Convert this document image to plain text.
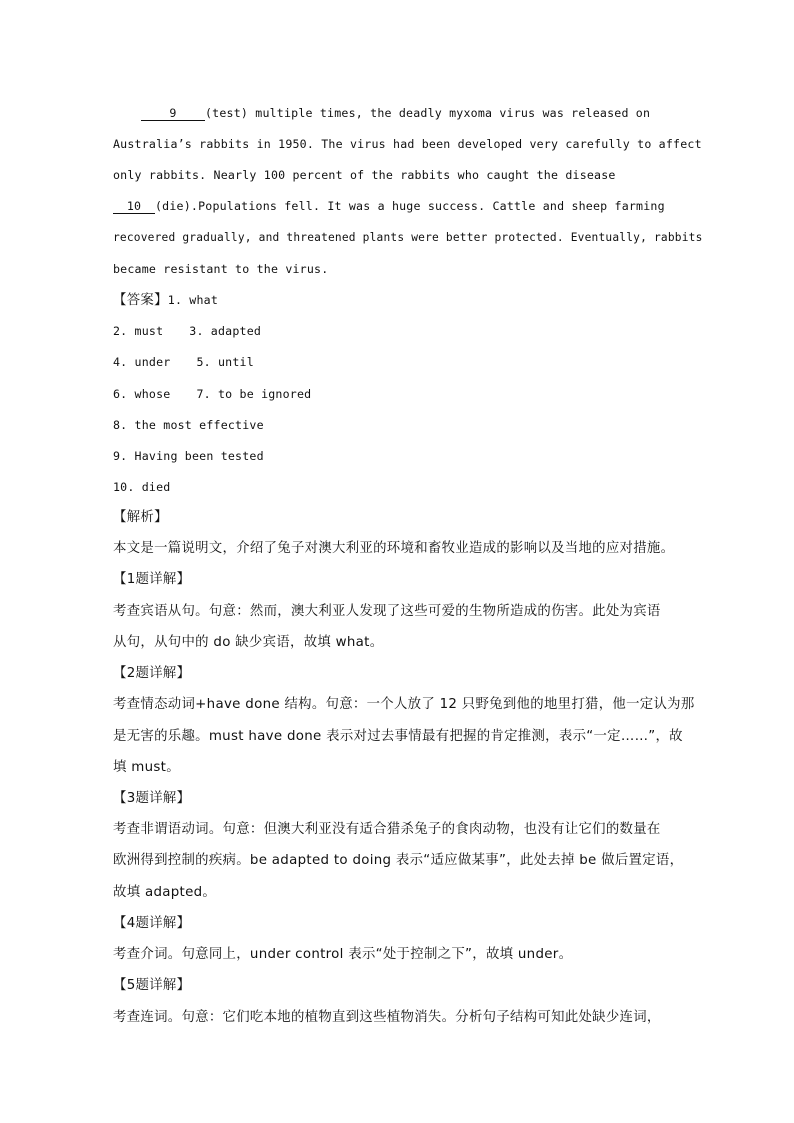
9 (test) multiple times, the deadly myxoma virus was released on
Australia’s rabbits in 1950. The virus had been developed very carefully to affect
only rabbits. Nearly 100 percent of the rabbits who caught the disease
10 (die).Populations fell. It was a huge success. Cattle and sheep farming
recovered gradually, and threatened plants were better protected. Eventually, rabbits
became resistant to the virus.
【答案】1. what
2. must 3. adapted
4. under 5. until
6. whose 7. to be ignored
8. the most effective
9. Having been tested
10. died
【解析】
本文是一篇说明文，介绍了兔子对澳大利亚的环境和畜牧业造成的影响以及当地的应对措施。
【1题详解】
考查宾语从句。句意：然而，澳大利亚人发现了这些可爱的生物所造成的伤害。此处为宾语
从句，从句中的 do 缺少宾语，故填 what。
【2题详解】
考查情态动词+have done 结构。句意：一个人放了 12 只野兔到他的地里打猎，他一定认为那
是无害的乐趣。must have done 表示对过去事情最有把握的肯定推测，表示“一定……”，故
填 must。
【3题详解】
考查非谓语动词。句意：但澳大利亚没有适合猎杀兔子的食肉动物，也没有让它们的数量在
欧洲得到控制的疾病。be adapted to doing 表示“适应做某事”，此处去掉 be 做后置定语，
故填 adapted。
【4题详解】
考查介词。句意同上，under control 表示“处于控制之下”，故填 under。
【5题详解】
考查连词。句意：它们吃本地的植物直到这些植物消失。分析句子结构可知此处缺少连词，
